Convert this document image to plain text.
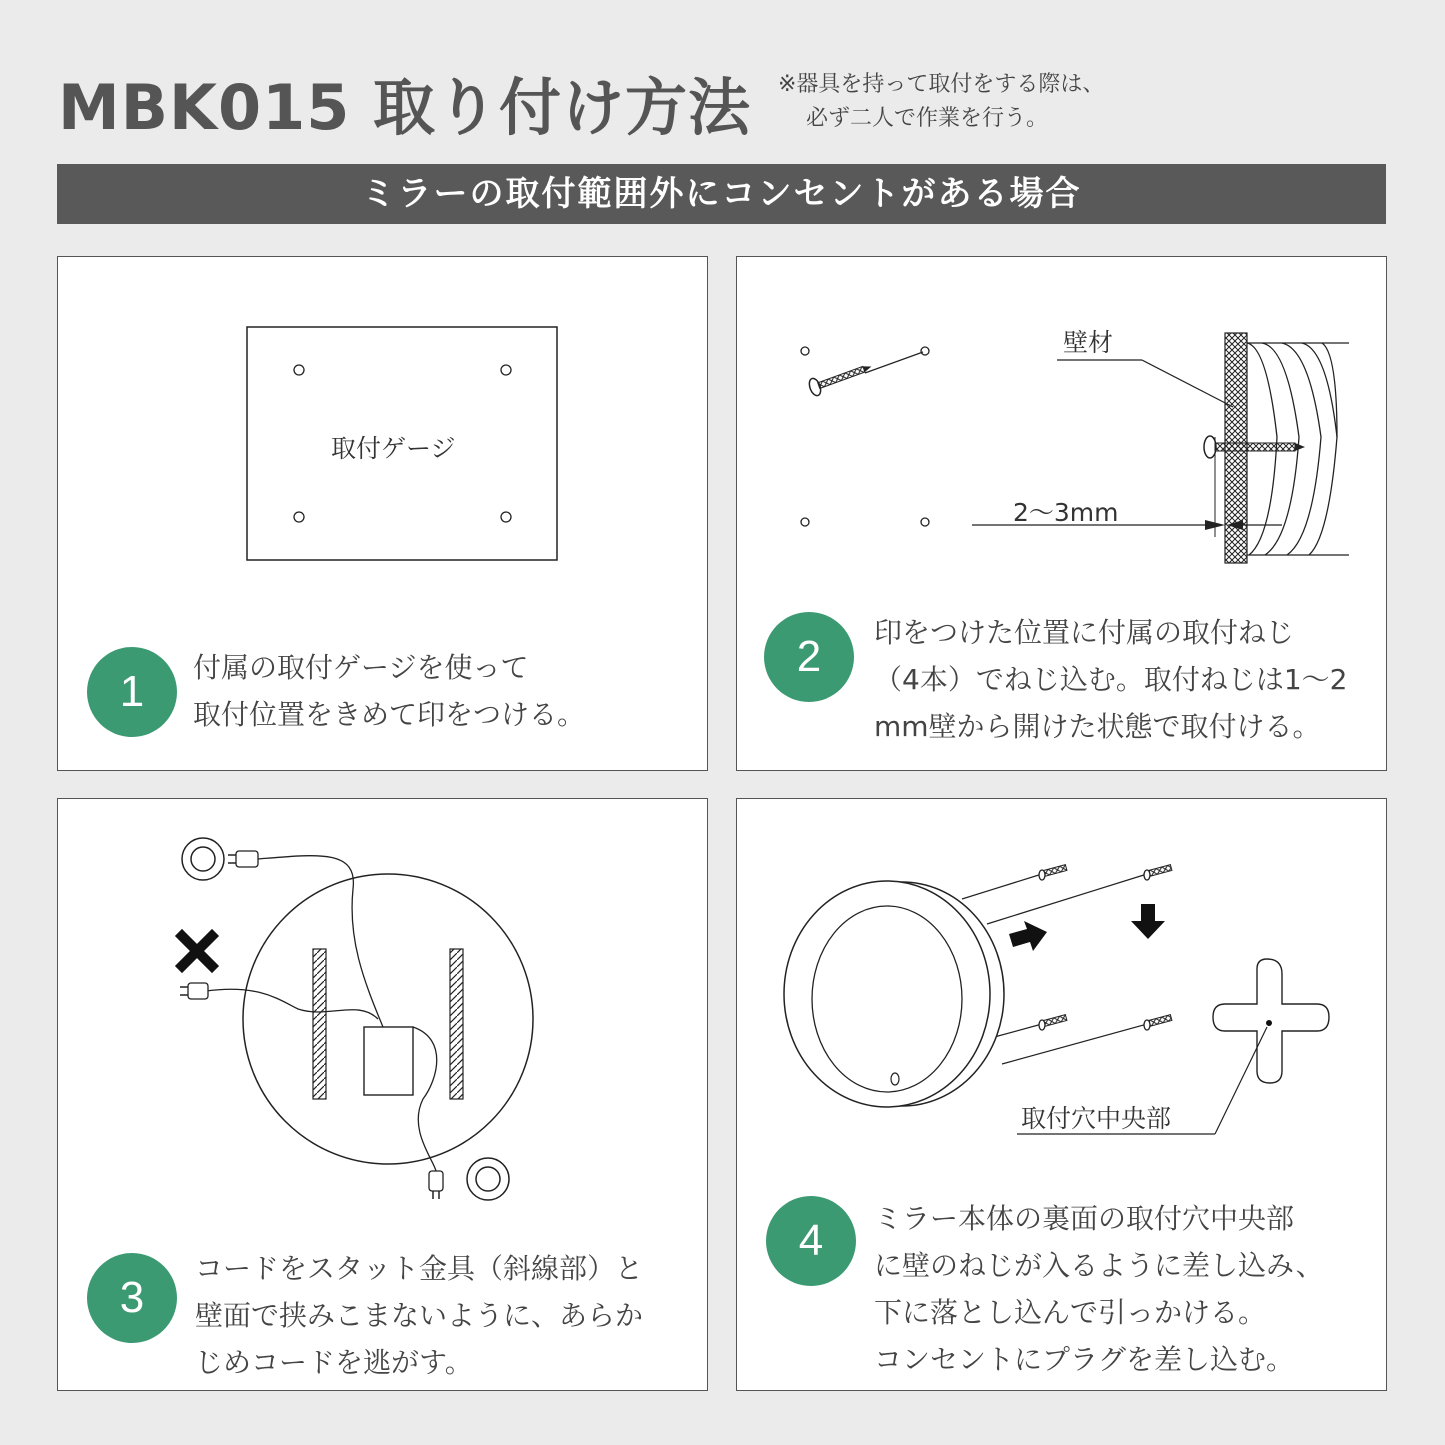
MBK015 取り付け方法 ※器具を持って取付をする際は、
必ず二人で作業を行う。
ミラーの取付範囲外にコンセントがある場合
取付ゲージ
1	付属の取付ゲージを使って
取付位置をきめて印をつける。
壁材
2～3mm
2	印をつけた位置に付属の取付ねじ
（4本）でねじ込む。取付ねじは1～2
mm壁から開けた状態で取付ける。
3
コードをスタット金具（斜線部）と
壁面で挟みこまないように、あらか
じめコードを逃がす。
取付穴中央部
4	ミラー本体の裏面の取付穴中央部
に壁のねじが入るように差し込み、
下に落とし込んで引っかける。
コンセントにプラグを差し込む。
